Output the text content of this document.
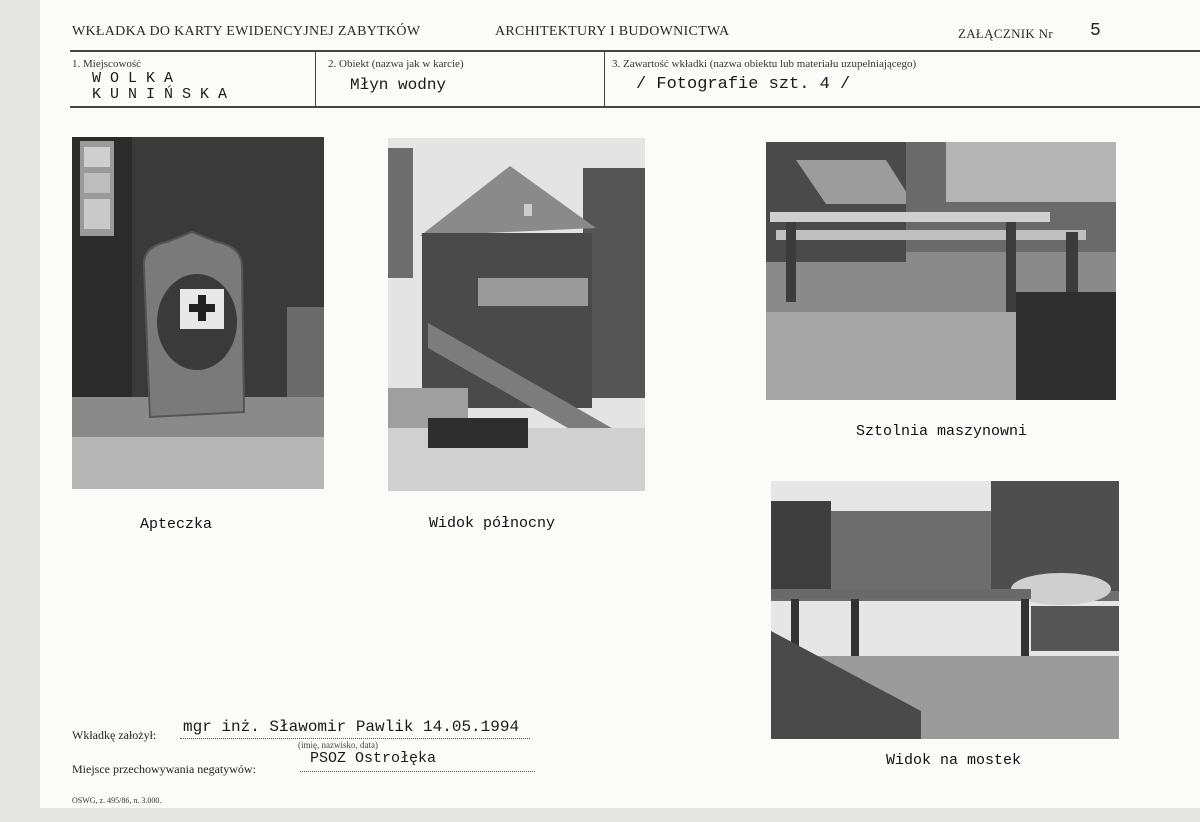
WKŁADKA DO KARTY EWIDENCYJNEJ ZABYTKÓW	ARCHITEKTURY I BUDOWNICTWA	ZAŁĄCZNIK Nr 5
1. Miejscowość
W O L K A
K U N I Ń S K A
2. Obiekt (nazwa jak w karcie)
Młyn wodny
3. Zawartość wkładki (nazwa obiektu lub materiału uzupełniającego)
/ Fotografie szt. 4 /
Apteczka	Widok północny
Sztolnia maszynowni
Widok na mostek
Wkładkę założył: mgr inż. Sławomir Pawlik 14.05.1994
(imię, nazwisko, data)
Miejsce przechowywania negatywów:
PSOZ Ostrołęka
OSWG, z. 495/86, n. 3.000.
